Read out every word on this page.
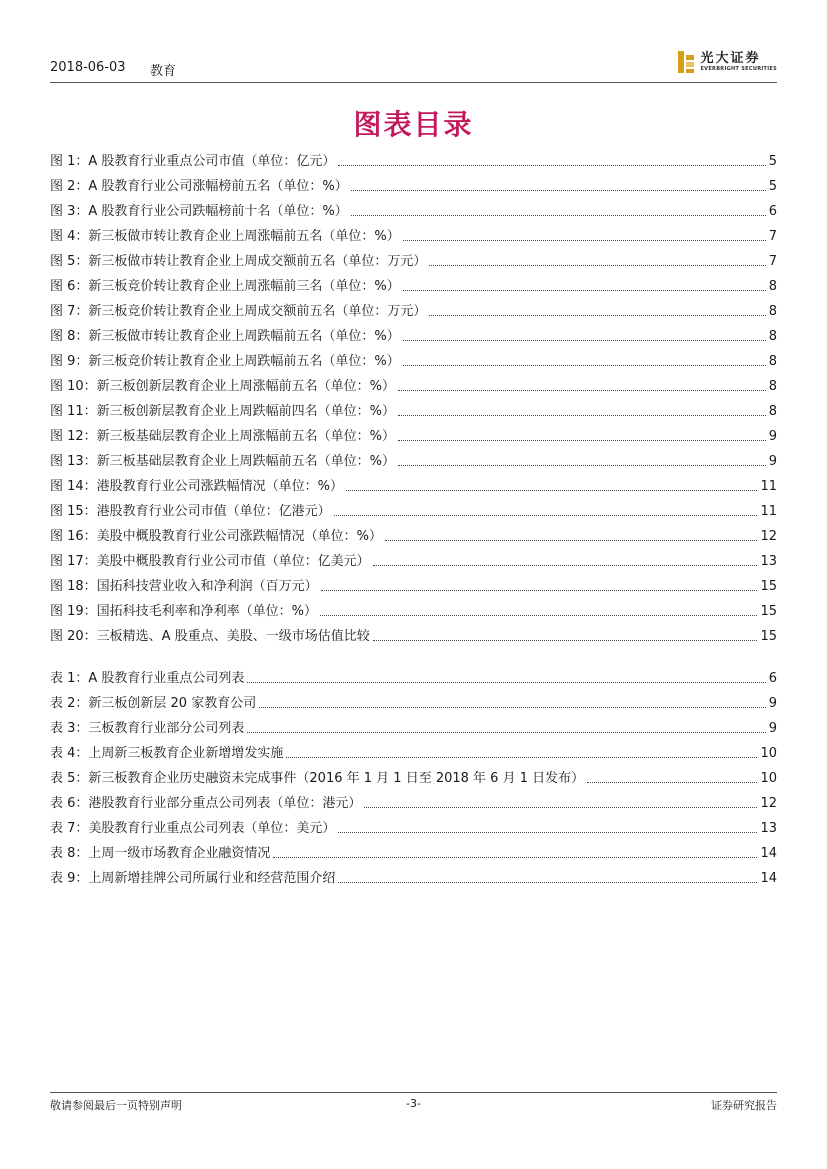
2018-06-03 教育
光大证券
EVERBRIGHT SECURITIES
图表目录
图 1：A 股教育行业重点公司市值（单位：亿元）	5
图 2：A 股教育行业公司涨幅榜前五名（单位：%）	5
图 3：A 股教育行业公司跌幅榜前十名（单位：%）	6
图 4：新三板做市转让教育企业上周涨幅前五名（单位：%）	7
图 5：新三板做市转让教育企业上周成交额前五名（单位：万元）	7
图 6：新三板竞价转让教育企业上周涨幅前三名（单位：%）	8
图 7：新三板竞价转让教育企业上周成交额前五名（单位：万元）	8
图 8：新三板做市转让教育企业上周跌幅前五名（单位：%）	8
图 9：新三板竞价转让教育企业上周跌幅前五名（单位：%）	8
图 10：新三板创新层教育企业上周涨幅前五名（单位：%）	8
图 11：新三板创新层教育企业上周跌幅前四名（单位：%）	8
图 12：新三板基础层教育企业上周涨幅前五名（单位：%）	9
图 13：新三板基础层教育企业上周跌幅前五名（单位：%）	9
图 14：港股教育行业公司涨跌幅情况（单位：%）	11
图 15：港股教育行业公司市值（单位：亿港元）	11
图 16：美股中概股教育行业公司涨跌幅情况（单位：%）	12
图 17：美股中概股教育行业公司市值（单位：亿美元）	13
图 18：国拓科技营业收入和净利润（百万元）	15
图 19：国拓科技毛利率和净利率（单位：%）	15
图 20：三板精选、A 股重点、美股、一级市场估值比较	15
表 1：A 股教育行业重点公司列表	6
表 2：新三板创新层 20 家教育公司	9
表 3：三板教育行业部分公司列表	9
表 4：上周新三板教育企业新增增发实施	10
表 5：新三板教育企业历史融资未完成事件（2016 年 1 月 1 日至 2018 年 6 月 1 日发布）	10
表 6：港股教育行业部分重点公司列表（单位：港元）	12
表 7：美股教育行业重点公司列表（单位：美元）	13
表 8：上周一级市场教育企业融资情况	14
表 9：上周新增挂牌公司所属行业和经营范围介绍	14
敬请参阅最后一页特别声明	-3-	证券研究报告
